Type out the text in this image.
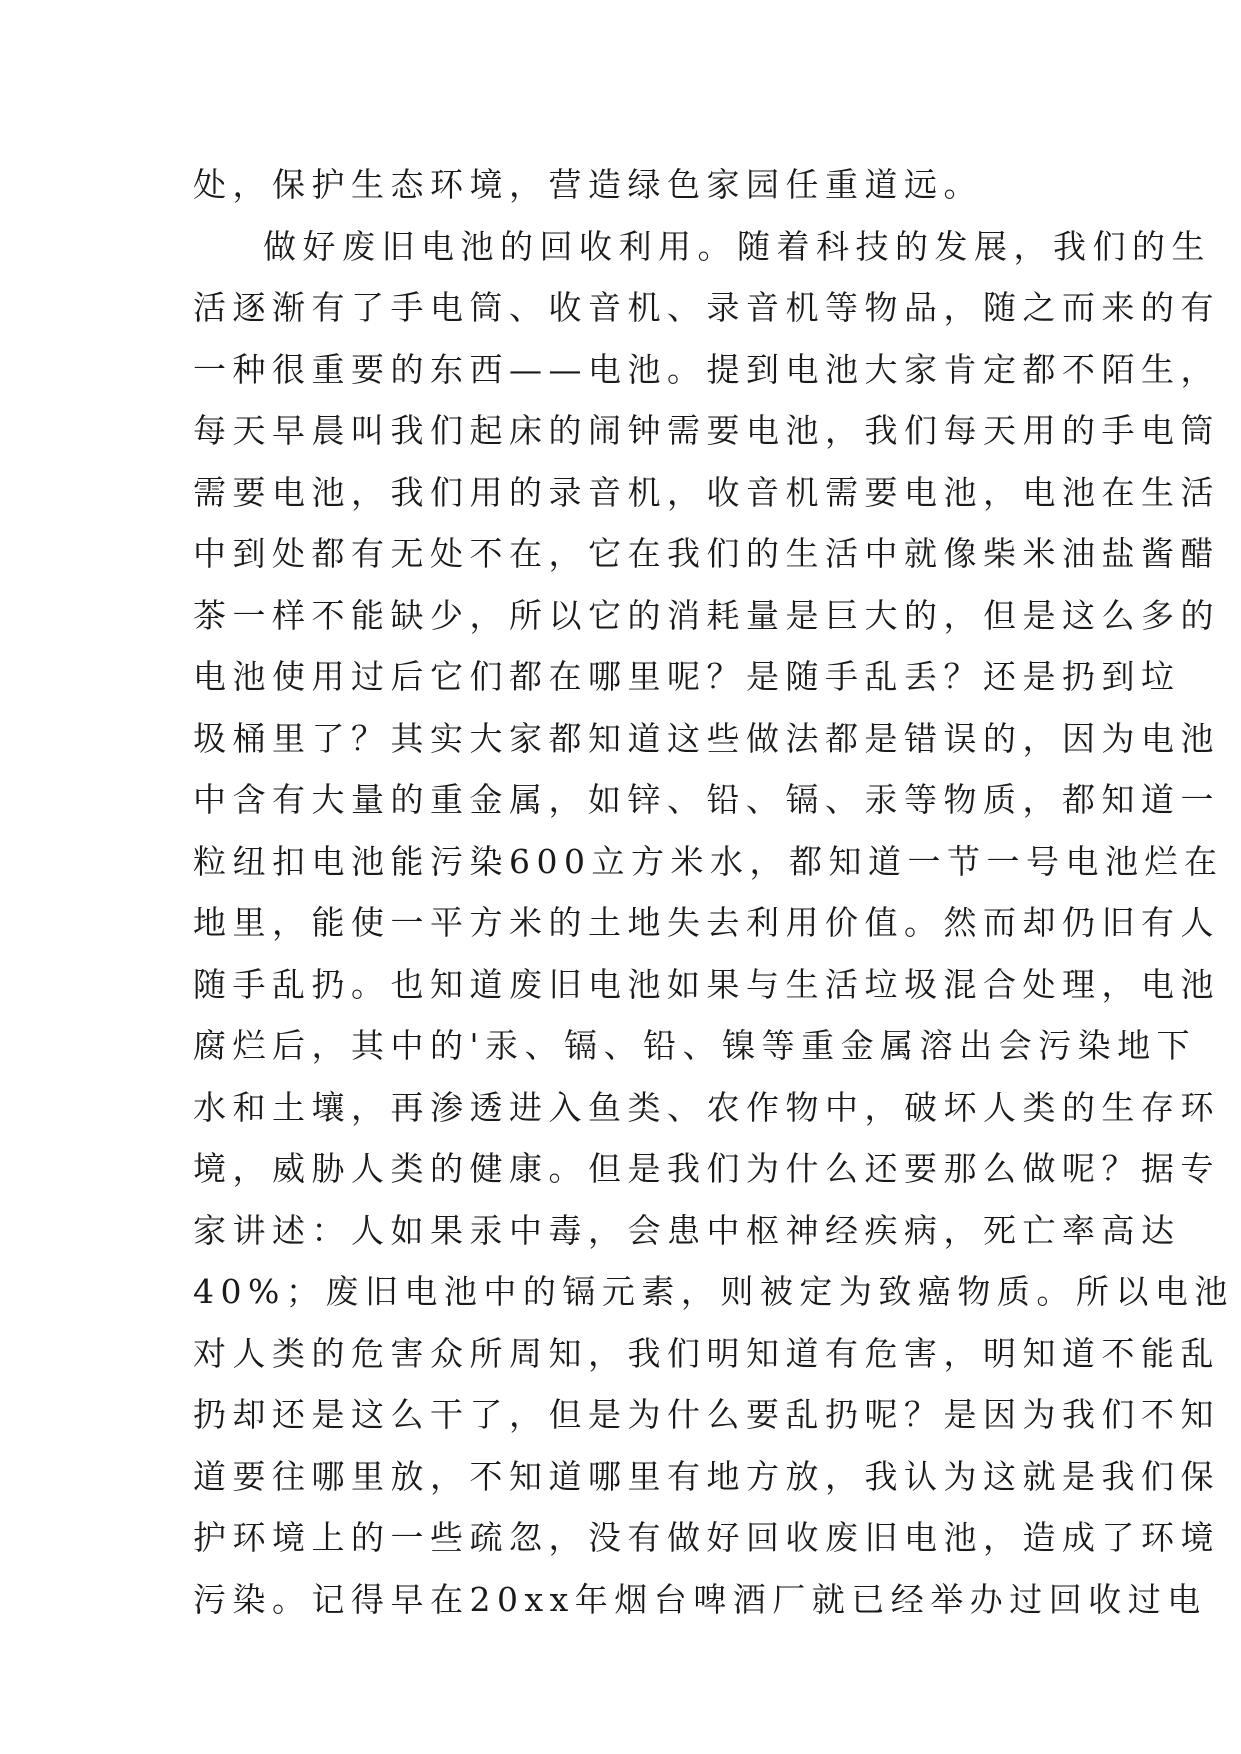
处，保护生态环境，营造绿色家园任重道远。
做好废旧电池的回收利用。随着科技的发展，我们的生
活逐渐有了手电筒、收音机、录音机等物品，随之而来的有
一种很重要的东西——电池。提到电池大家肯定都不陌生，
每天早晨叫我们起床的闹钟需要电池，我们每天用的手电筒
需要电池，我们用的录音机，收音机需要电池，电池在生活
中到处都有无处不在，它在我们的生活中就像柴米油盐酱醋
茶一样不能缺少，所以它的消耗量是巨大的，但是这么多的
电池使用过后它们都在哪里呢？是随手乱丢？还是扔到垃
圾桶里了？其实大家都知道这些做法都是错误的，因为电池
中含有大量的重金属，如锌、铅、镉、汞等物质，都知道一
粒纽扣电池能污染600立方米水，都知道一节一号电池烂在
地里，能使一平方米的土地失去利用价值。然而却仍旧有人
随手乱扔。也知道废旧电池如果与生活垃圾混合处理，电池
腐烂后，其中的'汞、镉、铅、镍等重金属溶出会污染地下
水和土壤，再渗透进入鱼类、农作物中，破坏人类的生存环
境，威胁人类的健康。但是我们为什么还要那么做呢？据专
家讲述：人如果汞中毒，会患中枢神经疾病，死亡率高达
40%；废旧电池中的镉元素，则被定为致癌物质。所以电池
对人类的危害众所周知，我们明知道有危害，明知道不能乱
扔却还是这么干了，但是为什么要乱扔呢？是因为我们不知
道要往哪里放，不知道哪里有地方放，我认为这就是我们保
护环境上的一些疏忽，没有做好回收废旧电池，造成了环境
污染。记得早在20xx年烟台啤酒厂就已经举办过回收过电
